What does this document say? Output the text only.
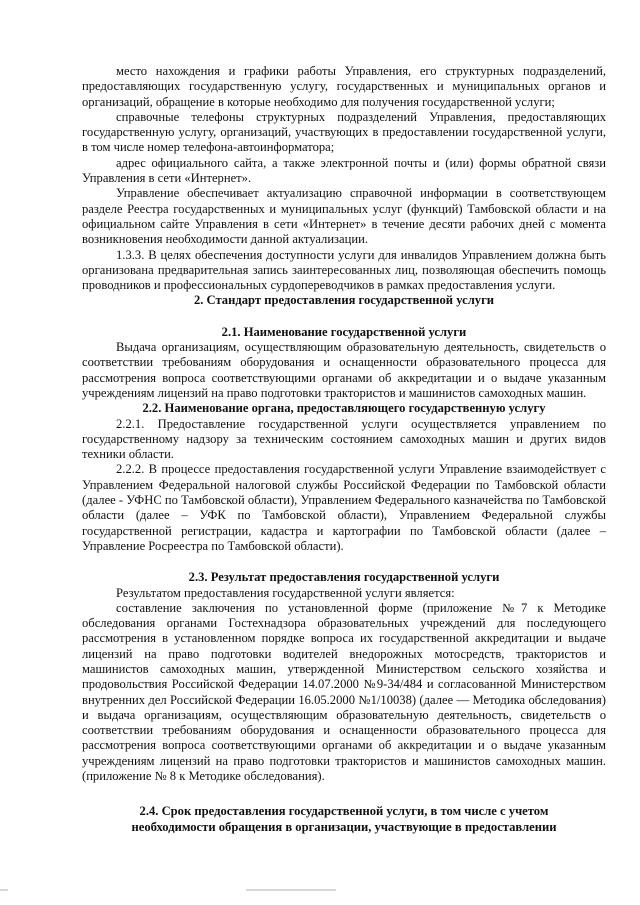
место нахождения и графики работы Управления, его структурных подразделений, предоставляющих государственную услугу, государственных и муниципальных органов и организаций, обращение в которые необходимо для получения государственной услуги;

справочные телефоны структурных подразделений Управления, предоставляющих государственную услугу, организаций, участвующих в предоставлении государственной услуги, в том числе номер телефона-автоинформатора;

адрес официального сайта, а также электронной почты и (или) формы обратной связи Управления в сети «Интернет».

Управление обеспечивает актуализацию справочной информации в соответствующем разделе Реестра государственных и муниципальных услуг (функций) Тамбовской области и на официальном сайте Управления в сети «Интернет» в течение десяти рабочих дней с момента возникновения необходимости данной актуализации.

1.3.3. В целях обеспечения доступности услуги для инвалидов Управлением должна быть организована предварительная запись заинтересованных лиц, позволяющая обеспечить помощь проводников и профессиональных сурдопереводчиков в рамках предоставления услуги.

2. Стандарт предоставления государственной услуги

2.1. Наименование государственной услуги

Выдача организациям, осуществляющим образовательную деятельность, свидетельств о соответствии требованиям оборудования и оснащенности образовательного процесса для рассмотрения вопроса соответствующими органами об аккредитации и о выдаче указанным учреждениям лицензий на право подготовки трактористов и машинистов самоходных машин.

2.2. Наименование органа, предоставляющего государственную услугу

2.2.1. Предоставление государственной услуги осуществляется управлением по государственному надзору за техническим состоянием самоходных машин и других видов техники области.

2.2.2. В процессе предоставления государственной услуги Управление взаимодействует с Управлением Федеральной налоговой службы Российской Федерации по Тамбовской области (далее - УФНС по Тамбовской области), Управлением Федерального казначейства по Тамбовской области (далее – УФК по Тамбовской области), Управлением Федеральной службы государственной регистрации, кадастра и картографии по Тамбовской области (далее – Управление Росреестра по Тамбовской области).

2.3. Результат предоставления государственной услуги

Результатом предоставления государственной услуги является:

составление заключения по установленной форме (приложение №7 к Методике обследования органами Гостехнадзора образовательных учреждений для последующего рассмотрения в установленном порядке вопроса их государственной аккредитации и выдаче лицензий на право подготовки водителей внедорожных мотосредств, трактористов и машинистов самоходных машин, утвержденной Министерством сельского хозяйства и продовольствия Российской Федерации 14.07.2000 №9-34/484 и согласованной Министерством внутренних дел Российской Федерации 16.05.2000 №1/10038) (далее — Методика обследования) и выдача организациям, осуществляющим образовательную деятельность, свидетельств о соответствии требованиям оборудования и оснащенности образовательного процесса для рассмотрения вопроса соответствующими органами об аккредитации и о выдаче указанным учреждениям лицензий на право подготовки трактористов и машинистов самоходных машин. (приложение № 8 к Методике обследования).

2.4. Срок предоставления государственной услуги, в том числе с учетом

необходимости обращения в организации, участвующие в предоставлении
